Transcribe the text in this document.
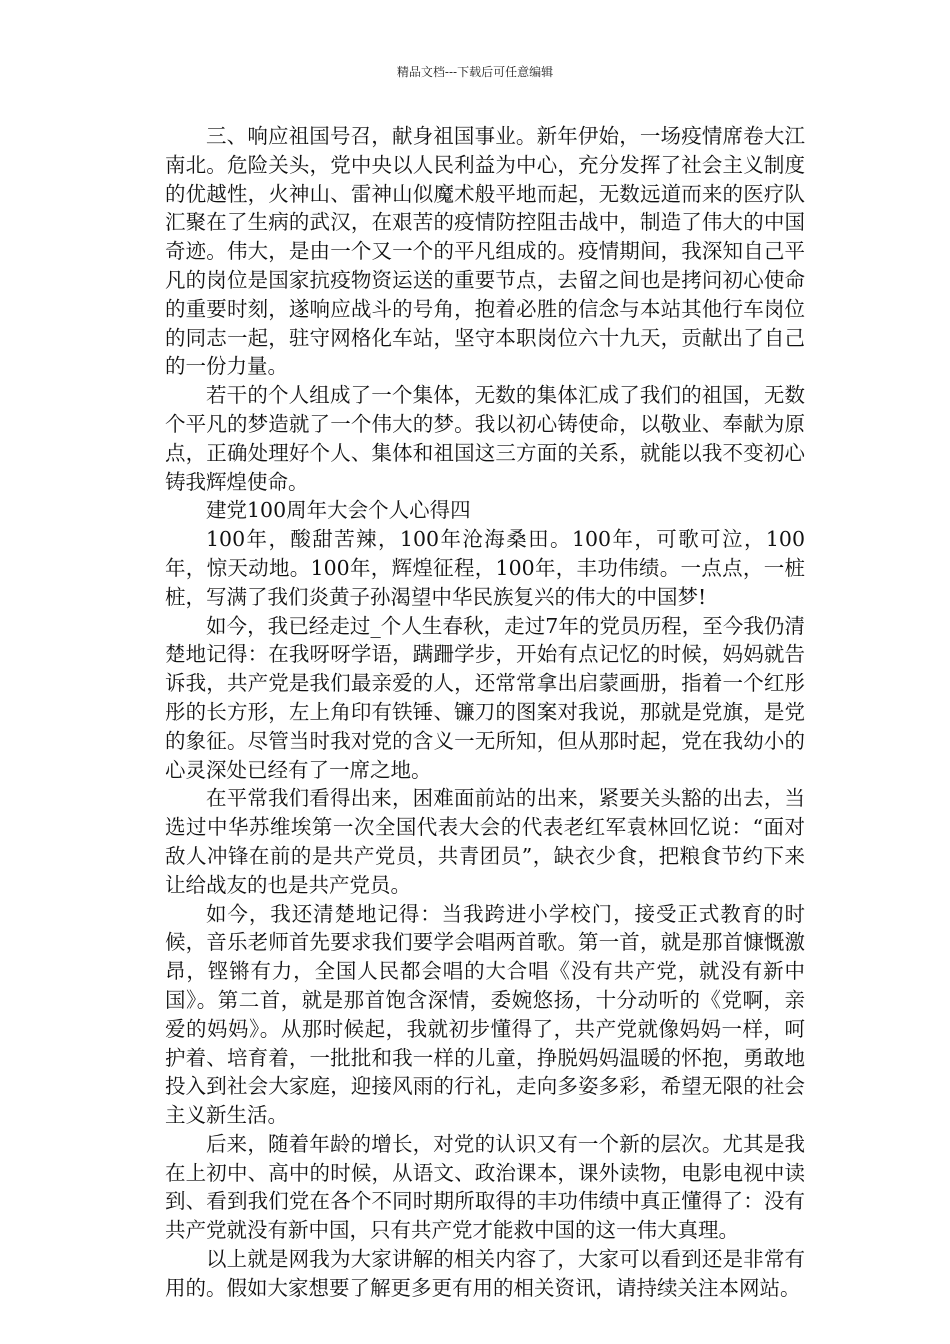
精品文档---下载后可任意编辑

三、响应祖国号召，献身祖国事业。新年伊始，一场疫情席卷大江南北。危险关头，党中央以人民利益为中心，充分发挥了社会主义制度的优越性，火神山、雷神山似魔术般平地而起，无数远道而来的医疗队汇聚在了生病的武汉，在艰苦的疫情防控阻击战中，制造了伟大的中国奇迹。伟大，是由一个又一个的平凡组成的。疫情期间，我深知自己平凡的岗位是国家抗疫物资运送的重要节点，去留之间也是拷问初心使命的重要时刻，遂响应战斗的号角，抱着必胜的信念与本站其他行车岗位的同志一起，驻守网格化车站，坚守本职岗位六十九天，贡献出了自己的一份力量。

若干的个人组成了一个集体，无数的集体汇成了我们的祖国，无数个平凡的梦造就了一个伟大的梦。我以初心铸使命，以敬业、奉献为原点，正确处理好个人、集体和祖国这三方面的关系，就能以我不变初心铸我辉煌使命。

建党100周年大会个人心得四

100年，酸甜苦辣，100年沧海桑田。100年，可歌可泣，100年，惊天动地。100年，辉煌征程，100年，丰功伟绩。一点点，一桩桩，写满了我们炎黄子孙渴望中华民族复兴的伟大的中国梦!

如今，我已经走过_个人生春秋，走过7年的党员历程，至今我仍清楚地记得：在我呀呀学语，蹒跚学步，开始有点记忆的时候，妈妈就告诉我，共产党是我们最亲爱的人，还常常拿出启蒙画册，指着一个红彤彤的长方形，左上角印有铁锤、镰刀的图案对我说，那就是党旗，是党的象征。尽管当时我对党的含义一无所知，但从那时起，党在我幼小的心灵深处已经有了一席之地。

在平常我们看得出来，困难面前站的出来，紧要关头豁的出去，当选过中华苏维埃第一次全国代表大会的代表老红军袁林回忆说：“面对敌人冲锋在前的是共产党员，共青团员”，缺衣少食，把粮食节约下来让给战友的也是共产党员。

如今，我还清楚地记得：当我跨进小学校门，接受正式教育的时候，音乐老师首先要求我们要学会唱两首歌。第一首，就是那首慷慨激昂，铿锵有力，全国人民都会唱的大合唱《没有共产党，就没有新中国》。第二首，就是那首饱含深情，委婉悠扬，十分动听的《党啊，亲爱的妈妈》。从那时候起，我就初步懂得了，共产党就像妈妈一样，呵护着、培育着，一批批和我一样的儿童，挣脱妈妈温暖的怀抱，勇敢地投入到社会大家庭，迎接风雨的行礼，走向多姿多彩，希望无限的社会主义新生活。

后来，随着年龄的增长，对党的认识又有一个新的层次。尤其是我在上初中、高中的时候，从语文、政治课本，课外读物，电影电视中读到、看到我们党在各个不同时期所取得的丰功伟绩中真正懂得了：没有共产党就没有新中国，只有共产党才能救中国的这一伟大真理。

以上就是网我为大家讲解的相关内容了，大家可以看到还是非常有用的。假如大家想要了解更多更有用的相关资讯，请持续关注本网站。
